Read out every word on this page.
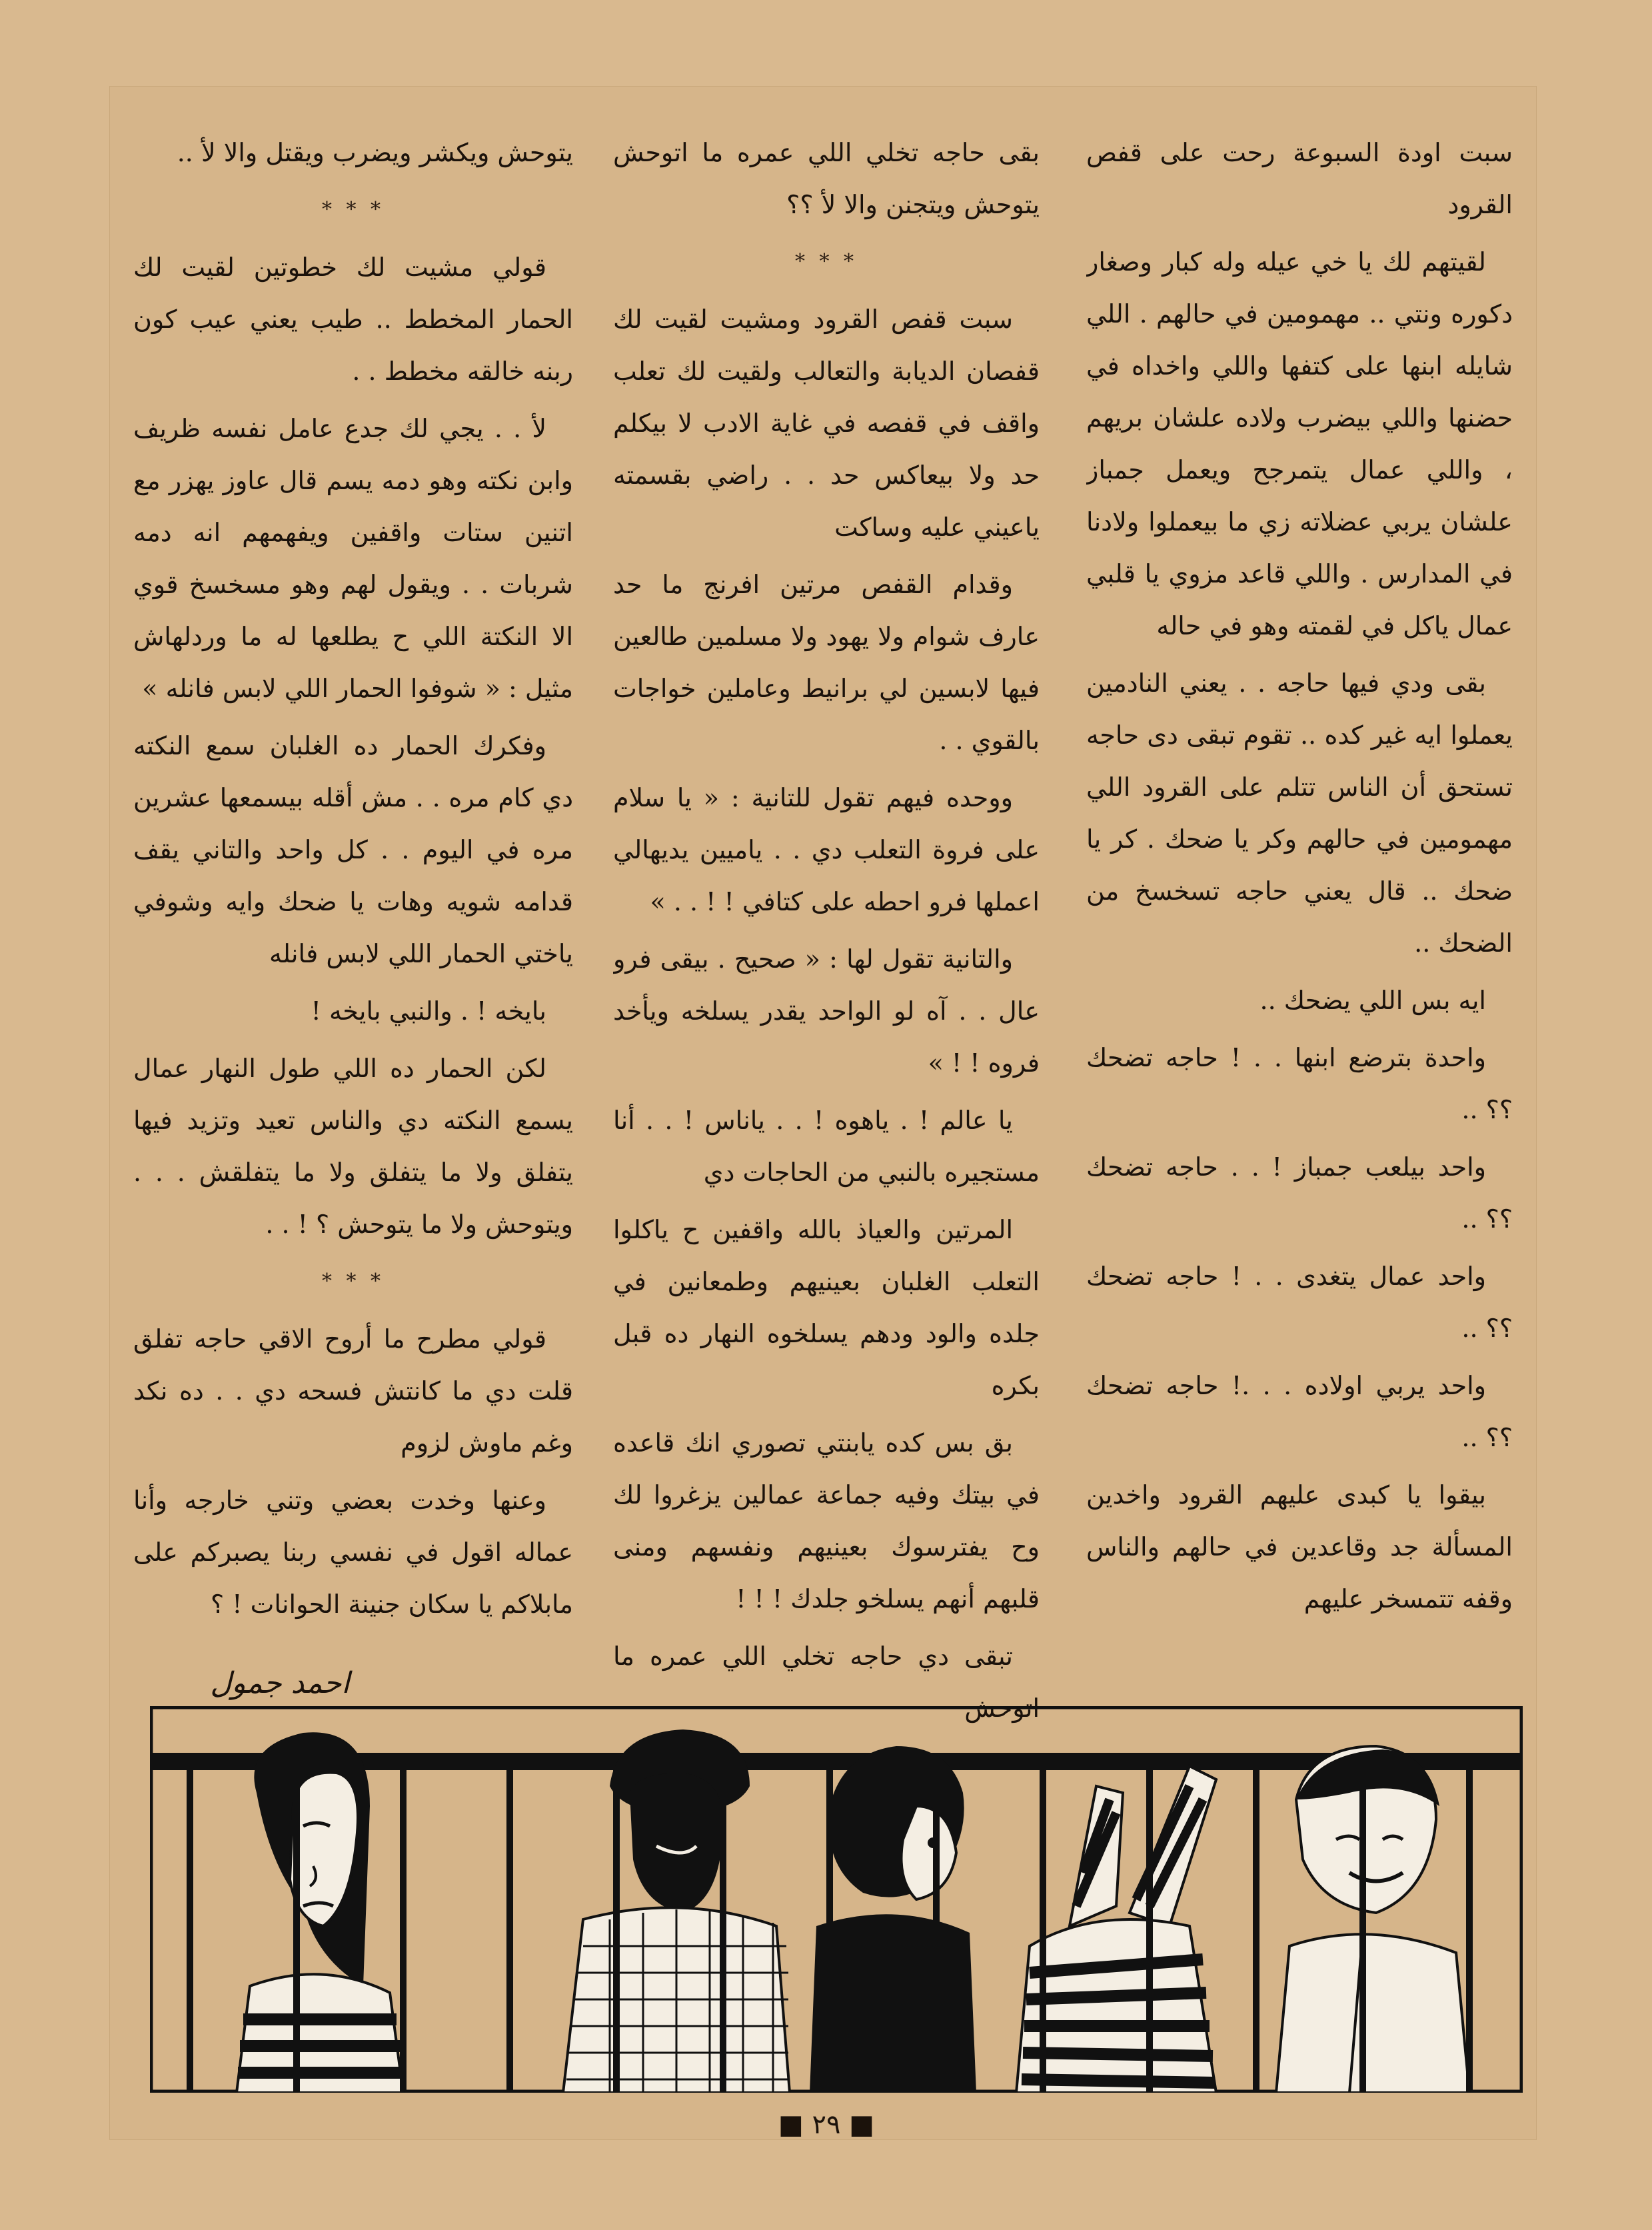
سبت اودة السبوعة رحت على قفص القرود

لقيتهم لك يا خي عيله وله كبار وصغار دكوره ونتي .. مهمومين في حالهم . اللي شايله ابنها على كتفها واللي واخداه في حضنها واللي بيضرب ولاده علشان بريهم ، واللي عمال يتمرجح ويعمل جمباز علشان يربي عضلاته زي ما بيعملوا ولادنا في المدارس . واللي قاعد مزوي يا قلبي عمال ياكل في لقمته وهو في حاله

بقى ودي فيها حاجه . . يعني النادمين يعملوا ايه غير كده .. تقوم تبقى دى حاجه تستحق أن الناس تتلم على القرود اللي مهمومين في حالهم وكر يا ضحك . كر يا ضحك .. قال يعني حاجه تسخسخ من الضحك ..

ايه بس اللي يضحك ..

واحدة بترضع ابنها . . ! حاجه تضحك ؟؟ ..

واحد بيلعب جمباز ! . . حاجه تضحك ؟؟ ..

واحد عمال يتغدى . . ! حاجه تضحك ؟؟ ..

واحد يربي اولاده . . .! حاجه تضحك ؟؟ ..

بيقوا يا كبدى عليهم القرود واخدين المسألة جد وقاعدين في حالهم والناس وقفه تتمسخر عليهم

بقى حاجه تخلي اللي عمره ما اتوحش يتوحش ويتجنن والا لأ ؟؟

* * *

سبت قفص القرود ومشيت لقيت لك قفصان الديابة والتعالب ولقيت لك تعلب واقف في قفصه في غاية الادب لا بيكلم حد ولا بيعاكس حد . . راضي بقسمته ياعيني عليه وساكت

وقدام القفص مرتين افرنج ما حد عارف شوام ولا يهود ولا مسلمين طالعين فيها لابسين لي برانيط وعاملين خواجات بالقوي . .

ووحده فيهم تقول للتانية : « يا سلام على فروة التعلب دي . . ياميين يديهالي اعملها فرو احطه على كتافي ! ! . . »

والتانية تقول لها : « صحيح . بيقى فرو عال . . آه لو الواحد يقدر يسلخه ويأخد فروه ! ! »

يا عالم ! . ياهوه ! . . ياناس ! . . أنا مستجيره بالنبي من الحاجات دي

المرتين والعياذ بالله واقفين ح ياكلوا التعلب الغلبان بعينيهم وطمعانين في جلده والود ودهم يسلخوه النهار ده قبل بكره

بق بس كده يابنتي تصوري انك قاعده في بيتك وفيه جماعة عمالين يزغروا لك وح يفترسوك بعينيهم ونفسهم ومنى قلبهم أنهم يسلخو جلدك ! ! !

تبقى دي حاجه تخلي اللي عمره ما اتوحش

يتوحش ويكشر ويضرب ويقتل والا لأ ..

* * *

قولي مشيت لك خطوتين لقيت لك الحمار المخطط .. طيب يعني عيب كون ربنه خالقه مخطط . .

لأ . . يجي لك جدع عامل نفسه ظريف وابن نكته وهو دمه يسم قال عاوز يهزر مع اتنين ستات واقفين ويفهمهم انه دمه شربات . . ويقول لهم وهو مسخسخ قوي الا النكتة اللي ح يطلعها له ما وردلهاش مثيل : « شوفوا الحمار اللي لابس فانله »

وفكرك الحمار ده الغلبان سمع النكته دي كام مره . . مش أقله بيسمعها عشرين مره في اليوم . . كل واحد والتاني يقف قدامه شويه وهات يا ضحك وايه وشوفي ياختي الحمار اللي لابس فانله

بايخه ! . والنبي بايخه !

لكن الحمار ده اللي طول النهار عمال يسمع النكته دي والناس تعيد وتزيد فيها يتفلق ولا ما يتفلق ولا ما يتفلقش . . . ويتوحش ولا ما يتوحش ؟ ! . .

* * *

قولي مطرح ما أروح الاقي حاجه تفلق قلت دي ما كانتش فسحه دي . . ده نكد وغم ماوش لزوم

وعنها وخدت بعضي وتني خارجه وأنا عماله اقول في نفسي ربنا يصبركم على مابلاكم يا سكان جنينة الحوانات ! ؟

احمد جمول
■ ٢٩ ■
